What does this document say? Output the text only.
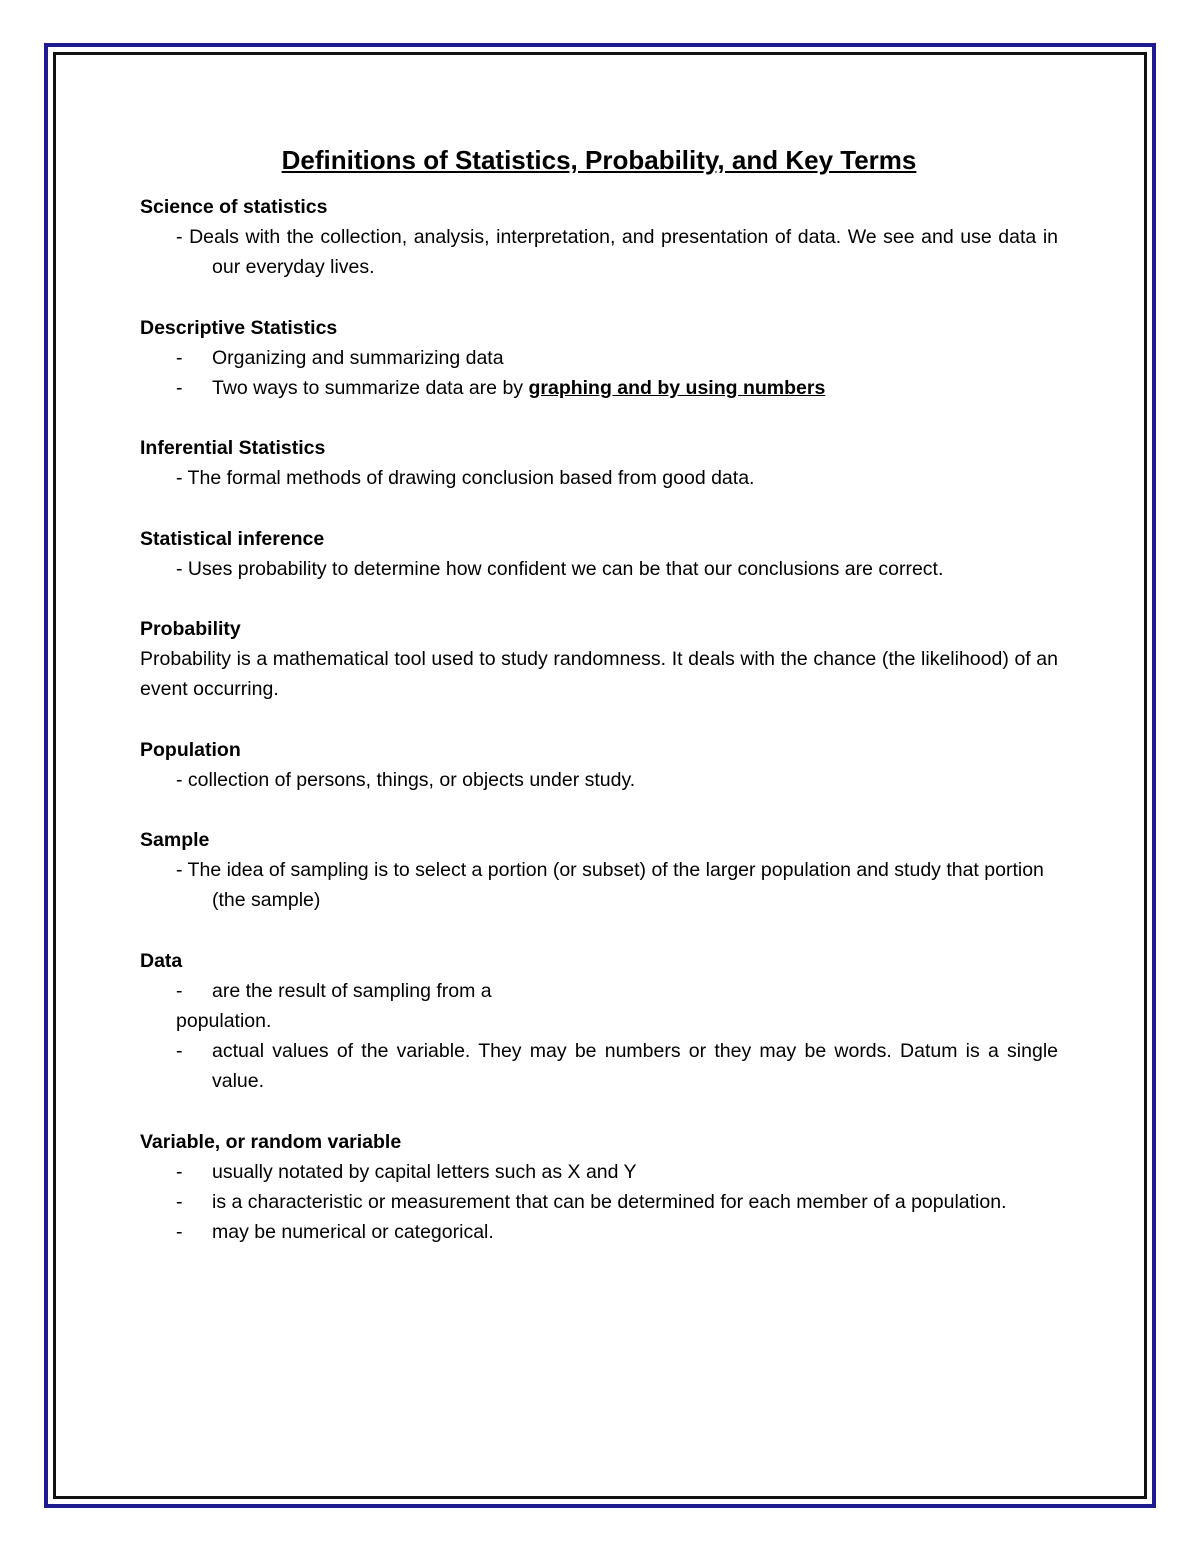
Definitions of Statistics, Probability, and Key Terms
Science of statistics
- Deals with the collection, analysis, interpretation, and presentation of data. We see and use data in our everyday lives.
Descriptive Statistics
-	Organizing and summarizing data
-	Two ways to summarize data are by graphing and by using numbers
Inferential Statistics
- The formal methods of drawing conclusion based from good data.
Statistical inference
- Uses probability to determine how confident we can be that our conclusions are correct.
Probability
Probability is a mathematical tool used to study randomness. It deals with the chance (the likelihood) of an event occurring.
Population
- collection of persons, things, or objects under study.
Sample
- The idea of sampling is to select a portion (or subset) of the larger population and study that portion
(the sample)
Data
-	are the result of sampling from a
population.
-	actual values of the variable. They may be numbers or they may be words. Datum is a single value.
Variable, or random variable
-	usually notated by capital letters such as X and Y
-	is a characteristic or measurement that can be determined for each member of a population.
-	may be numerical or categorical.
